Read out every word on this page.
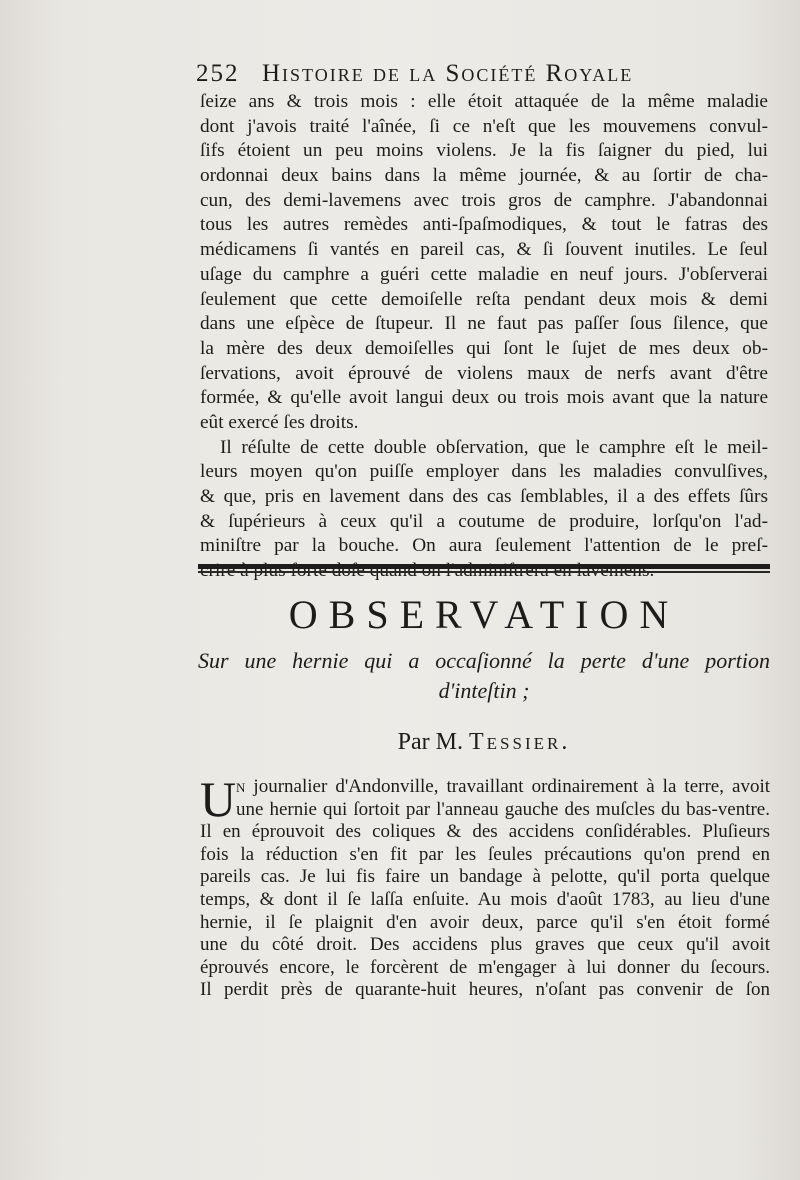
252 Histoire de la Société Royale
ſeize ans & trois mois : elle étoit attaquée de la même maladie
dont j'avois traité l'aînée, ſi ce n'eſt que les mouvemens convul-
ſifs étoient un peu moins violens. Je la fis ſaigner du pied, lui
ordonnai deux bains dans la même journée, & au ſortir de cha-
cun, des demi-lavemens avec trois gros de camphre. J'abandonnai
tous les autres remèdes anti-ſpaſmodiques, & tout le fatras des
médicamens ſi vantés en pareil cas, & ſi ſouvent inutiles. Le ſeul
uſage du camphre a guéri cette maladie en neuf jours. J'obſerverai
ſeulement que cette demoiſelle reſta pendant deux mois & demi
dans une eſpèce de ſtupeur. Il ne faut pas paſſer ſous ſilence, que
la mère des deux demoiſelles qui ſont le ſujet de mes deux ob-
ſervations, avoit éprouvé de violens maux de nerfs avant d'être
formée, & qu'elle avoit langui deux ou trois mois avant que la nature
eût exercé ſes droits.
Il réſulte de cette double obſervation, que le camphre eſt le meil-
leurs moyen qu'on puiſſe employer dans les maladies convulſives,
& que, pris en lavement dans des cas ſemblables, il a des effets ſûrs
& ſupérieurs à ceux qu'il a coutume de produire, lorſqu'on l'ad-
miniſtre par la bouche. On aura ſeulement l'attention de le preſ-
OBSERVATION
Sur une hernie qui a occaſionné la perte d'une portion
d'inteſtin ;
Par M. Tessier.
U n journalier d'Andonville, travaillant ordinairement à la terre, avoit
une hernie qui ſortoit par l'anneau gauche des muſcles du bas-ventre.
Il en éprouvoit des coliques & des accidens conſidérables. Pluſieurs
fois la réduction s'en fit par les ſeules précautions qu'on prend en
pareils cas. Je lui fis faire un bandage à pelotte, qu'il porta quelque
temps, & dont il ſe laſſa enſuite. Au mois d'août 1783, au lieu d'une
hernie, il ſe plaignit d'en avoir deux, parce qu'il s'en étoit formé
une du côté droit. Des accidens plus graves que ceux qu'il avoit
éprouvés encore, le forcèrent de m'engager à lui donner du ſecours.
Il perdit près de quarante-huit heures, n'oſant pas convenir de ſon
